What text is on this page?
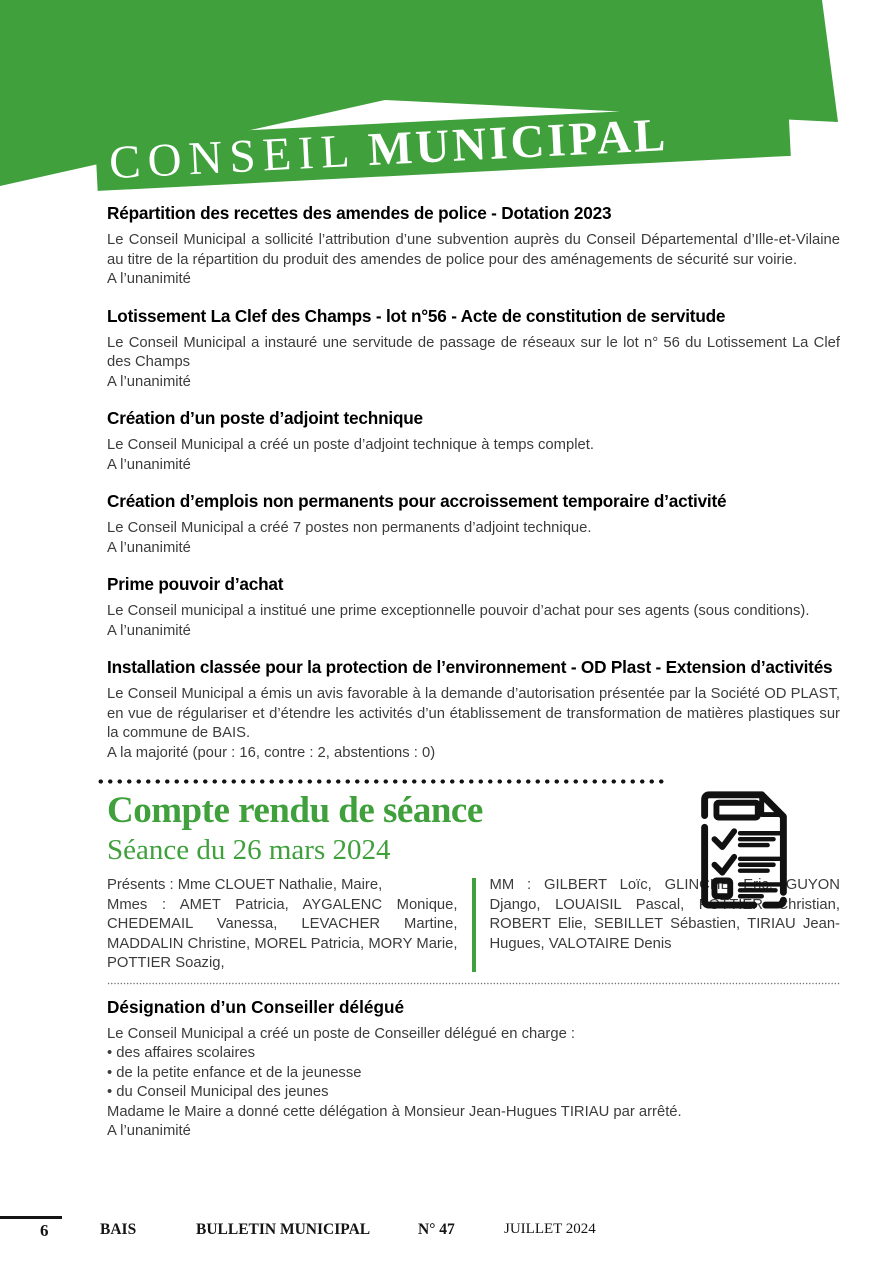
CONSEIL MUNICIPAL
Répartition des recettes des amendes de police - Dotation 2023

Le Conseil Municipal a sollicité l’attribution d’une subvention auprès du Conseil Départemental d’Ille-et-Vilaine au titre de la répartition du produit des amendes de police pour des aménagements de sécurité sur voirie.

A l’unanimité

Lotissement La Clef des Champs - lot n°56 - Acte de constitution de servitude

Le Conseil Municipal a instauré une servitude de passage de réseaux sur le lot n° 56 du Lotissement La Clef des Champs

A l’unanimité

Création d’un poste d’adjoint technique

Le Conseil Municipal a créé un poste d’adjoint technique à temps complet.

A l’unanimité

Création d’emplois non permanents pour accroissement temporaire d’activité

Le Conseil Municipal a créé 7 postes non permanents d’adjoint technique.

A l’unanimité

Prime pouvoir d’achat

Le Conseil municipal a institué une prime exceptionnelle pouvoir d’achat pour ses agents (sous conditions).

A l’unanimité

Installation classée pour la protection de l’environnement - OD Plast - Extension d’activités

Le Conseil Municipal a émis un avis favorable à la demande d’autorisation présentée par la Société OD PLAST, en vue de régulariser et d’étendre les activités d’un établissement de transformation de matières plastiques sur la commune de BAIS.

A la majorité (pour : 16, contre : 2, abstentions : 0)

Compte rendu de séance
Séance du 26 mars 2024

Présents : Mme CLOUET Nathalie, Maire,

Mmes : AMET Patricia, AYGALENC Monique, CHEDEMAIL Vanessa, LEVACHER Martine, MADDALIN Christine, MOREL Patricia, MORY Marie, POTTIER Soazig,

MM : GILBERT Loïc, GLINCHE Eric, GUYON Django, LOUAISIL Pascal, POTTIER Christian, ROBERT Elie, SEBILLET Sébastien, TIRIAU Jean-Hugues, VALOTAIRE Denis

Désignation d’un Conseiller délégué

Le Conseil Municipal a créé un poste de Conseiller délégué en charge :

• des affaires scolaires
• de la petite enfance et de la jeunesse
• du Conseil Municipal des jeunes

Madame le Maire a donné cette délégation à Monsieur Jean-Hugues TIRIAU par arrêté.

A l’unanimité

6	BAIS	BULLETIN MUNICIPAL	N° 47	JUILLET 2024
